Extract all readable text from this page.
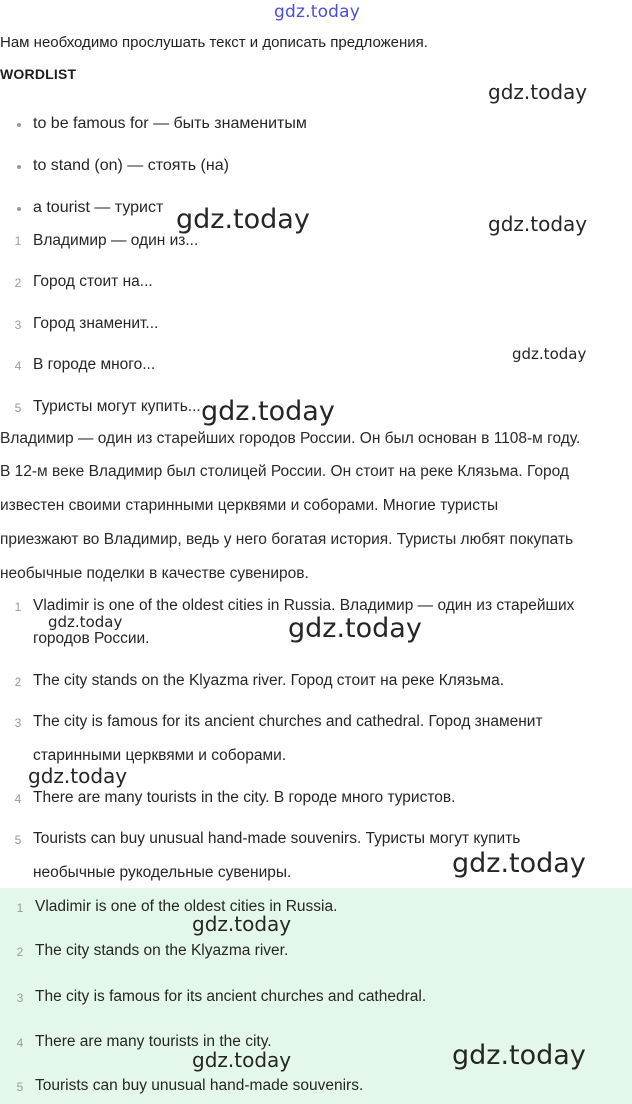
gdz.today
Нам необходимо прослушать текст и дописать предложения.
WORDLIST
to be famous for — быть знаменитым
to stand (on) — стоять (на)
a tourist — турист
1 Владимир — один из...
2 Город стоит на...
3 Город знаменит...
4 В городе много...
5 Туристы могут купить...
Владимир — один из старейших городов России. Он был основан в 1108-м году.
В 12-м веке Владимир был столицей России. Он стоит на реке Клязьма. Город
известен своими старинными церквями и соборами. Многие туристы
приезжают во Владимир, ведь у него богатая история. Туристы любят покупать
необычные поделки в качестве сувениров.
1 Vladimir is one of the oldest cities in Russia. Владимир — один из старейших
городов России.
2 The city stands on the Klyazma river. Город стоит на реке Клязьма.
3 The city is famous for its ancient churches and cathedral. Город знаменит
старинными церквями и соборами.
4 There are many tourists in the city. В городе много туристов.
5 Tourists can buy unusual hand-made souvenirs. Туристы могут купить
необычные рукодельные сувениры.
1 Vladimir is one of the oldest cities in Russia.
2 The city stands on the Klyazma river.
3 The city is famous for its ancient churches and cathedral.
4 There are many tourists in the city.
5 Tourists can buy unusual hand-made souvenirs.
gdz.today
gdz.today	gdz.today
gdz.today
gdz.today
gdz.today	gdz.today
gdz.today
gdz.today
gdz.today
gdz.today	gdz.today
